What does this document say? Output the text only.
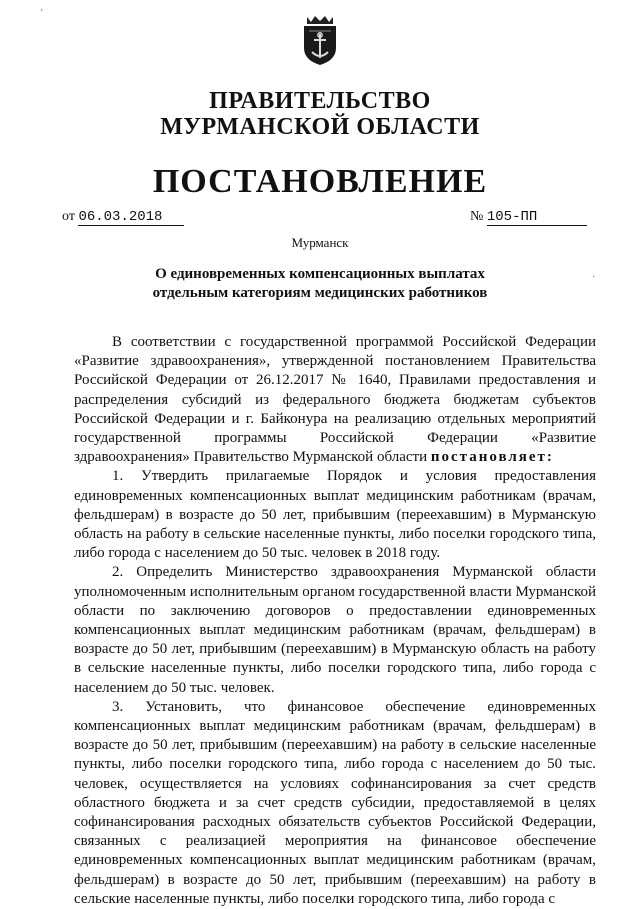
ПРАВИТЕЛЬСТВО
МУРМАНСКОЙ ОБЛАСТИ
ПОСТАНОВЛЕНИЕ
от 06.03.2018	№ 105-ПП
Мурманск
О единовременных компенсационных выплатах
отдельным категориям медицинских работников

В соответствии с государственной программой Российской Федерации «Развитие здравоохранения», утвержденной постановлением Правительства Российской Федерации от 26.12.2017 № 1640, Правилами предоставления и распределения субсидий из федерального бюджета бюджетам субъектов Российской Федерации и г. Байконура на реализацию отдельных мероприятий государственной программы Российской Федерации «Развитие здравоохранения» Правительство Мурманской области постановляет:

1. Утвердить прилагаемые Порядок и условия предоставления единовременных компенсационных выплат медицинским работникам (врачам, фельдшерам) в возрасте до 50 лет, прибывшим (переехавшим) в Мурманскую область на работу в сельские населенные пункты, либо поселки городского типа, либо города с населением до 50 тыс. человек в 2018 году.

2. Определить Министерство здравоохранения Мурманской области уполномоченным исполнительным органом государственной власти Мурманской области по заключению договоров о предоставлении единовременных компенсационных выплат медицинским работникам (врачам, фельдшерам) в возрасте до 50 лет, прибывшим (переехавшим) в Мурманскую область на работу в сельские населенные пункты, либо поселки городского типа, либо города с населением до 50 тыс. человек.

3. Установить, что финансовое обеспечение единовременных компенсационных выплат медицинским работникам (врачам, фельдшерам) в возрасте до 50 лет, прибывшим (переехавшим) на работу в сельские населенные пункты, либо поселки городского типа, либо города с населением до 50 тыс. человек, осуществляется на условиях софинансирования за счет средств областного бюджета и за счет средств субсидии, предоставляемой в целях софинансирования расходных обязательств субъектов Российской Федерации, связанных с реализацией мероприятия на финансовое обеспечение единовременных компенсационных выплат медицинским работникам (врачам, фельдшерам) в возрасте до 50 лет, прибывшим (переехавшим) на работу в сельские населенные пункты, либо поселки городского типа, либо города с

’
·
